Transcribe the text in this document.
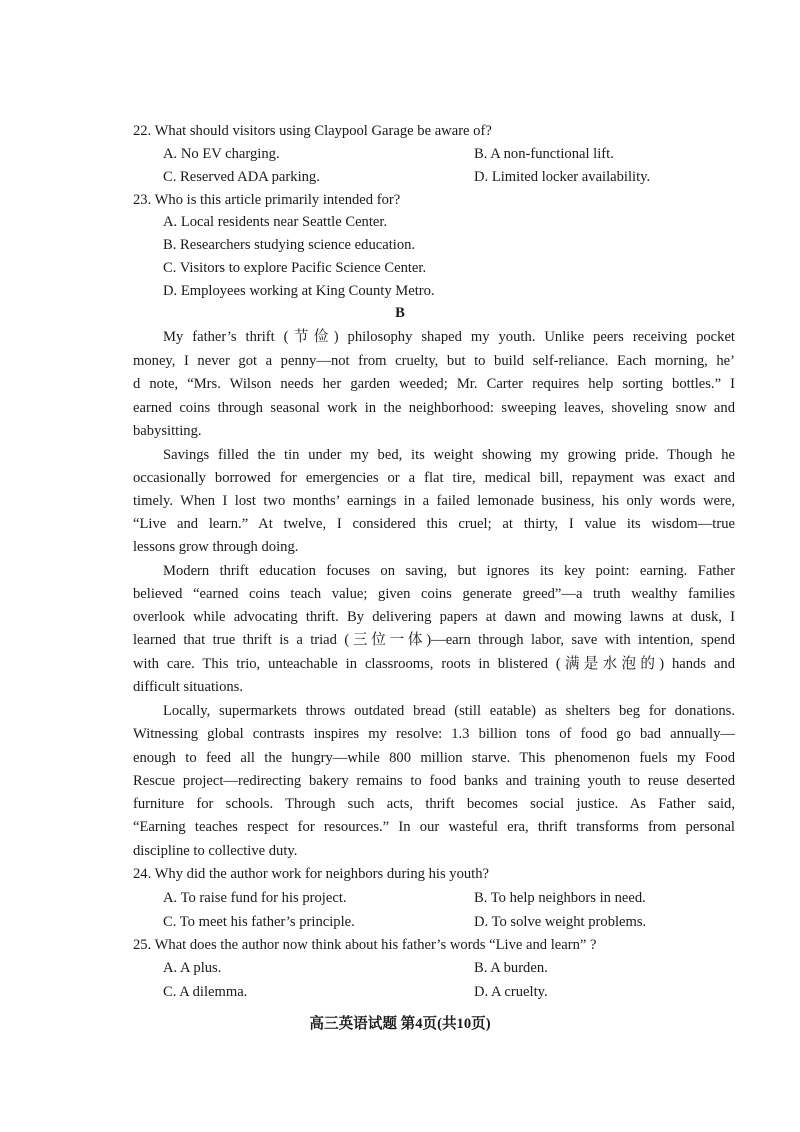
22. What should visitors using Claypool Garage be aware of?
A. No EV charging.	B. A non-functional lift.
C. Reserved ADA parking.	D. Limited locker availability.
23. Who is this article primarily intended for?
A. Local residents near Seattle Center.
B. Researchers studying science education.
C. Visitors to explore Pacific Science Center.
D. Employees working at King County Metro.
B
My father’s thrift (节俭) philosophy shaped my youth. Unlike peers receiving pocket
money, I never got a penny—not from cruelty, but to build self-reliance. Each morning, he’
d note, “Mrs. Wilson needs her garden weeded; Mr. Carter requires help sorting bottles.” I
earned coins through seasonal work in the neighborhood: sweeping leaves, shoveling snow and
babysitting.
Savings filled the tin under my bed, its weight showing my growing pride. Though he
occasionally borrowed for emergencies or a flat tire, medical bill, repayment was exact and
timely. When I lost two months’ earnings in a failed lemonade business, his only words were,
“Live and learn.” At twelve, I considered this cruel; at thirty, I value its wisdom—true
lessons grow through doing.
Modern thrift education focuses on saving, but ignores its key point: earning. Father
believed “earned coins teach value; given coins generate greed”—a truth wealthy families
overlook while advocating thrift. By delivering papers at dawn and mowing lawns at dusk, I
learned that true thrift is a triad (三位一体)—earn through labor, save with intention, spend
with care. This trio, unteachable in classrooms, roots in blistered (满是水泡的) hands and
difficult situations.
Locally, supermarkets throws outdated bread (still eatable) as shelters beg for donations.
Witnessing global contrasts inspires my resolve: 1.3 billion tons of food go bad annually—
enough to feed all the hungry—while 800 million starve. This phenomenon fuels my Food
Rescue project—redirecting bakery remains to food banks and training youth to reuse deserted
furniture for schools. Through such acts, thrift becomes social justice. As Father said,
“Earning teaches respect for resources.” In our wasteful era, thrift transforms from personal
discipline to collective duty.
24. Why did the author work for neighbors during his youth?
A. To raise fund for his project.	B. To help neighbors in need.
C. To meet his father’s principle.	D. To solve weight problems.
25. What does the author now think about his father’s words “Live and learn” ?
A. A plus.	B. A burden.
C. A dilemma.	D. A cruelty.
高三英语试题 第4页(共10页)
